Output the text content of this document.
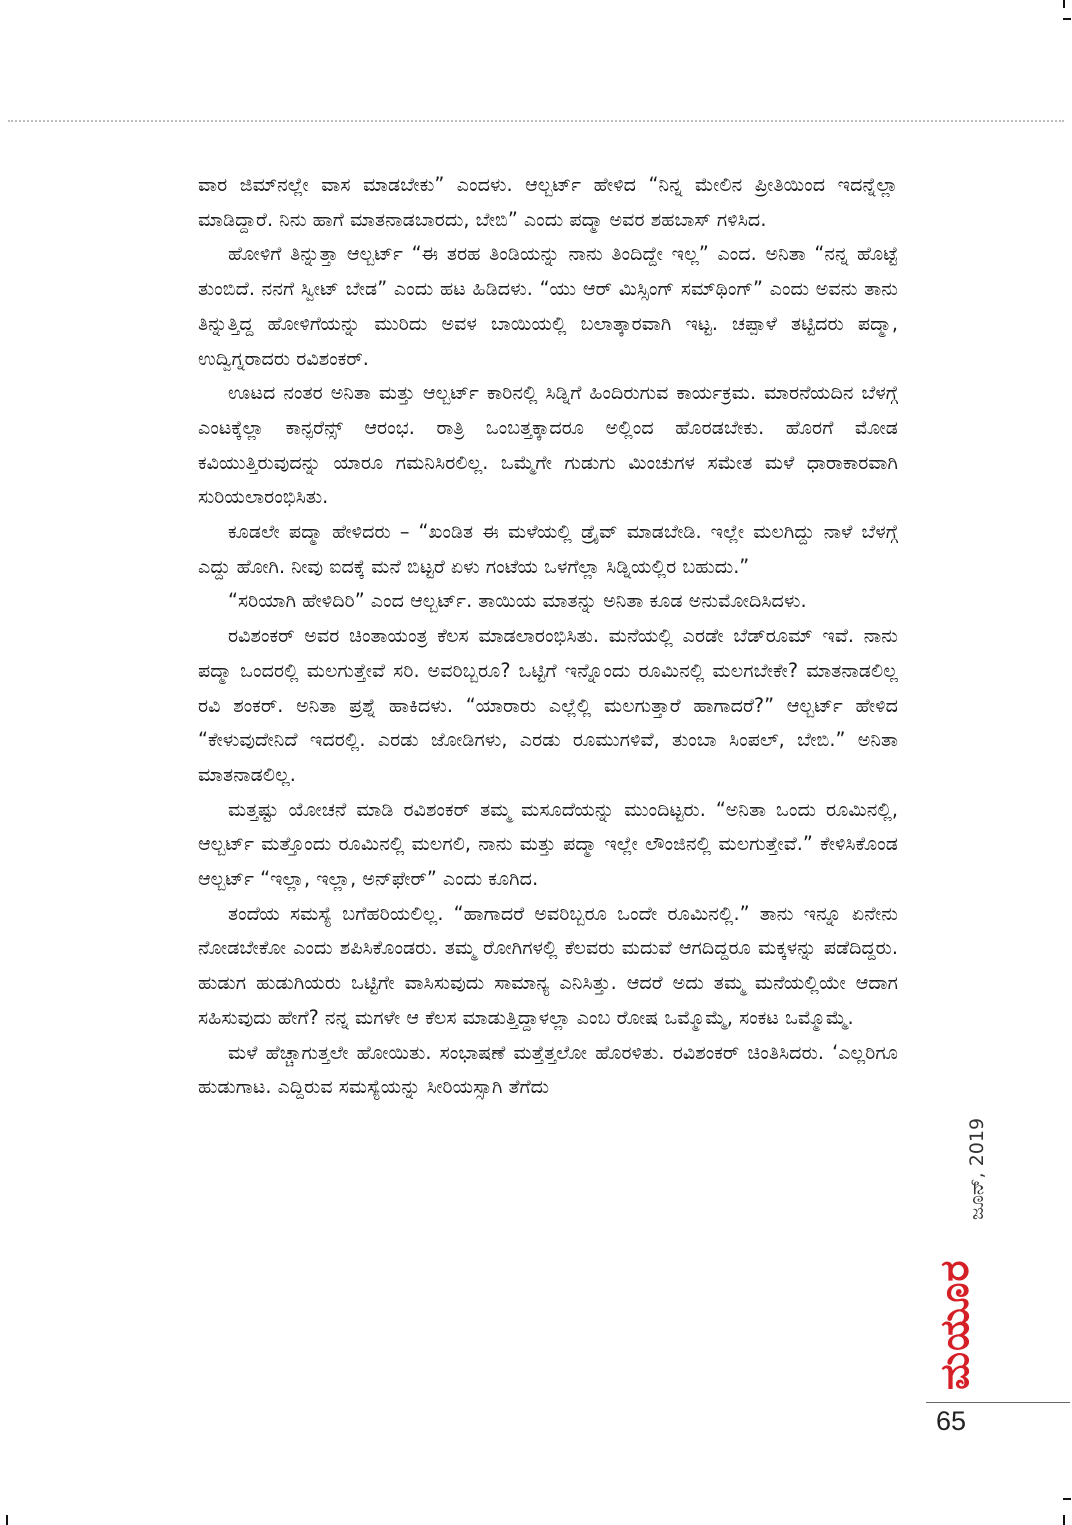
ವಾರ ಜಿಮ್‌ನಲ್ಲೇ ವಾಸ ಮಾಡಬೇಕು” ಎಂದಳು. ಆಲ್ಬರ್ಟ್ ಹೇಳಿದ “ನಿನ್ನ ಮೇಲಿನ ಪ್ರೀತಿಯಿಂದ ಇದನ್ನೆಲ್ಲಾ ಮಾಡಿದ್ದಾರೆ. ನಿನು ಹಾಗೆ ಮಾತನಾಡಬಾರದು, ಬೇಬಿ” ಎಂದು ಪದ್ಮಾ ಅವರ ಶಹಬಾಸ್ ಗಳಿಸಿದ.

ಹೋಳಿಗೆ ತಿನ್ನುತ್ತಾ ಆಲ್ಬರ್ಟ್ “ಈ ತರಹ ತಿಂಡಿಯನ್ನು ನಾನು ತಿಂದಿದ್ದೇ ಇಲ್ಲ” ಎಂದ. ಅನಿತಾ “ನನ್ನ ಹೊಟ್ಟೆ ತುಂಬಿದೆ. ನನಗೆ ಸ್ವೀಟ್ ಬೇಡ” ಎಂದು ಹಟ ಹಿಡಿದಳು. “ಯು ಆರ್ ಮಿಸ್ಸಿಂಗ್ ಸಮ್‌ಥಿಂಗ್” ಎಂದು ಅವನು ತಾನು ತಿನ್ನುತ್ತಿದ್ದ ಹೋಳಿಗೆಯನ್ನು ಮುರಿದು ಅವಳ ಬಾಯಿಯಲ್ಲಿ ಬಲಾತ್ಕಾರವಾಗಿ ಇಟ್ಟ. ಚಪ್ಪಾಳೆ ತಟ್ಟಿದರು ಪದ್ಮಾ, ಉದ್ವಿಗ್ನರಾದರು ರವಿಶಂಕರ್.

ಊಟದ ನಂತರ ಅನಿತಾ ಮತ್ತು ಆಲ್ಬರ್ಟ್ ಕಾರಿನಲ್ಲಿ ಸಿಡ್ನಿಗೆ ಹಿಂದಿರುಗುವ ಕಾರ್ಯಕ್ರಮ. ಮಾರನೆಯದಿನ ಬೆಳಗ್ಗೆ ಎಂಟಕ್ಕೆಲ್ಲಾ ಕಾನ್ಫರೆನ್ಸ್ ಆರಂಭ. ರಾತ್ರಿ ಒಂಬತ್ತಕ್ಕಾದರೂ ಅಲ್ಲಿಂದ ಹೊರಡಬೇಕು. ಹೊರಗೆ ಮೋಡ ಕವಿಯುತ್ತಿರುವುದನ್ನು ಯಾರೂ ಗಮನಿಸಿರಲಿಲ್ಲ. ಒಮ್ಮೆಗೇ ಗುಡುಗು ಮಿಂಚುಗಳ ಸಮೇತ ಮಳೆ ಧಾರಾಕಾರವಾಗಿ ಸುರಿಯಲಾರಂಭಿಸಿತು.

ಕೂಡಲೇ ಪದ್ಮಾ ಹೇಳಿದರು – “ಖಂಡಿತ ಈ ಮಳೆಯಲ್ಲಿ ಡ್ರೈವ್ ಮಾಡಬೇಡಿ. ಇಲ್ಲೇ ಮಲಗಿದ್ದು ನಾಳೆ ಬೆಳಗ್ಗೆ ಎದ್ದು ಹೋಗಿ. ನೀವು ಐದಕ್ಕೆ ಮನೆ ಬಿಟ್ಟರೆ ಏಳು ಗಂಟೆಯ ಒಳಗೆಲ್ಲಾ ಸಿಡ್ನಿಯಲ್ಲಿರ ಬಹುದು.”

“ಸರಿಯಾಗಿ ಹೇಳಿದಿರಿ” ಎಂದ ಆಲ್ಬರ್ಟ್. ತಾಯಿಯ ಮಾತನ್ನು ಅನಿತಾ ಕೂಡ ಅನುಮೋದಿಸಿದಳು.

ರವಿಶಂಕರ್ ಅವರ ಚಿಂತಾಯಂತ್ರ ಕೆಲಸ ಮಾಡಲಾರಂಭಿಸಿತು. ಮನೆಯಲ್ಲಿ ಎರಡೇ ಬೆಡ್‌ರೂಮ್ ಇವೆ. ನಾನು ಪದ್ಮಾ ಒಂದರಲ್ಲಿ ಮಲಗುತ್ತೇವೆ ಸರಿ. ಅವರಿಬ್ಬರೂ? ಒಟ್ಟಿಗೆ ಇನ್ನೊಂದು ರೂಮಿನಲ್ಲಿ ಮಲಗಬೇಕೇ? ಮಾತನಾಡಲಿಲ್ಲ ರವಿ ಶಂಕರ್. ಅನಿತಾ ಪ್ರಶ್ನೆ ಹಾಕಿದಳು. “ಯಾರಾರು ಎಲ್ಲೆಲ್ಲಿ ಮಲಗುತ್ತಾರೆ ಹಾಗಾದರೆ?” ಆಲ್ಬರ್ಟ್ ಹೇಳಿದ “ಕೇಳುವುದೇನಿದೆ ಇದರಲ್ಲಿ. ಎರಡು ಜೋಡಿಗಳು, ಎರಡು ರೂಮುಗಳಿವೆ, ತುಂಬಾ ಸಿಂಪಲ್, ಬೇಬಿ.” ಅನಿತಾ ಮಾತನಾಡಲಿಲ್ಲ.

ಮತ್ತಷ್ಟು ಯೋಚನೆ ಮಾಡಿ ರವಿಶಂಕರ್ ತಮ್ಮ ಮಸೂದೆಯನ್ನು ಮುಂದಿಟ್ಟರು. “ಅನಿತಾ ಒಂದು ರೂಮಿನಲ್ಲಿ, ಆಲ್ಬರ್ಟ್ ಮತ್ತೊಂದು ರೂಮಿನಲ್ಲಿ ಮಲಗಲಿ, ನಾನು ಮತ್ತು ಪದ್ಮಾ ಇಲ್ಲೇ ಲೌಂಜಿನಲ್ಲಿ ಮಲಗುತ್ತೇವೆ.” ಕೇಳಿಸಿಕೊಂಡ ಆಲ್ಬರ್ಟ್ “ಇಲ್ಲಾ, ಇಲ್ಲಾ, ಅನ್‌ಫೇರ್” ಎಂದು ಕೂಗಿದ.

ತಂದೆಯ ಸಮಸ್ಯೆ ಬಗೆಹರಿಯಲಿಲ್ಲ. “ಹಾಗಾದರೆ ಅವರಿಬ್ಬರೂ ಒಂದೇ ರೂಮಿನಲ್ಲಿ.” ತಾನು ಇನ್ನೂ ಏನೇನು ನೋಡಬೇಕೋ ಎಂದು ಶಪಿಸಿಕೊಂಡರು. ತಮ್ಮ ರೋಗಿಗಳಲ್ಲಿ ಕೆಲವರು ಮದುವೆ ಆಗದಿದ್ದರೂ ಮಕ್ಕಳನ್ನು ಪಡೆದಿದ್ದರು. ಹುಡುಗ ಹುಡುಗಿಯರು ಒಟ್ಟಿಗೇ ವಾಸಿಸುವುದು ಸಾಮಾನ್ಯ ಎನಿಸಿತ್ತು. ಆದರೆ ಅದು ತಮ್ಮ ಮನೆಯಲ್ಲಿಯೇ ಆದಾಗ ಸಹಿಸುವುದು ಹೇಗೆ? ನನ್ನ ಮಗಳೇ ಆ ಕೆಲಸ ಮಾಡುತ್ತಿದ್ದಾಳಲ್ಲಾ ಎಂಬ ರೋಷ ಒಮ್ಮೊಮ್ಮೆ, ಸಂಕಟ ಒಮ್ಮೊಮ್ಮೆ.

ಮಳೆ ಹೆಚ್ಚಾಗುತ್ತಲೇ ಹೋಯಿತು. ಸಂಭಾಷಣೆ ಮತ್ತೆತ್ತಲೋ ಹೊರಳಿತು. ರವಿಶಂಕರ್ ಚಿಂತಿಸಿದರು. ‘ಎಲ್ಲರಿಗೂ ಹುಡುಗಾಟ. ಎದ್ದಿರುವ ಸಮಸ್ಯೆಯನ್ನು ಸೀರಿಯಸ್ಸಾಗಿ ತೆಗೆದು

ಜೂನ್, 2019
ಮಯೂರ
65
